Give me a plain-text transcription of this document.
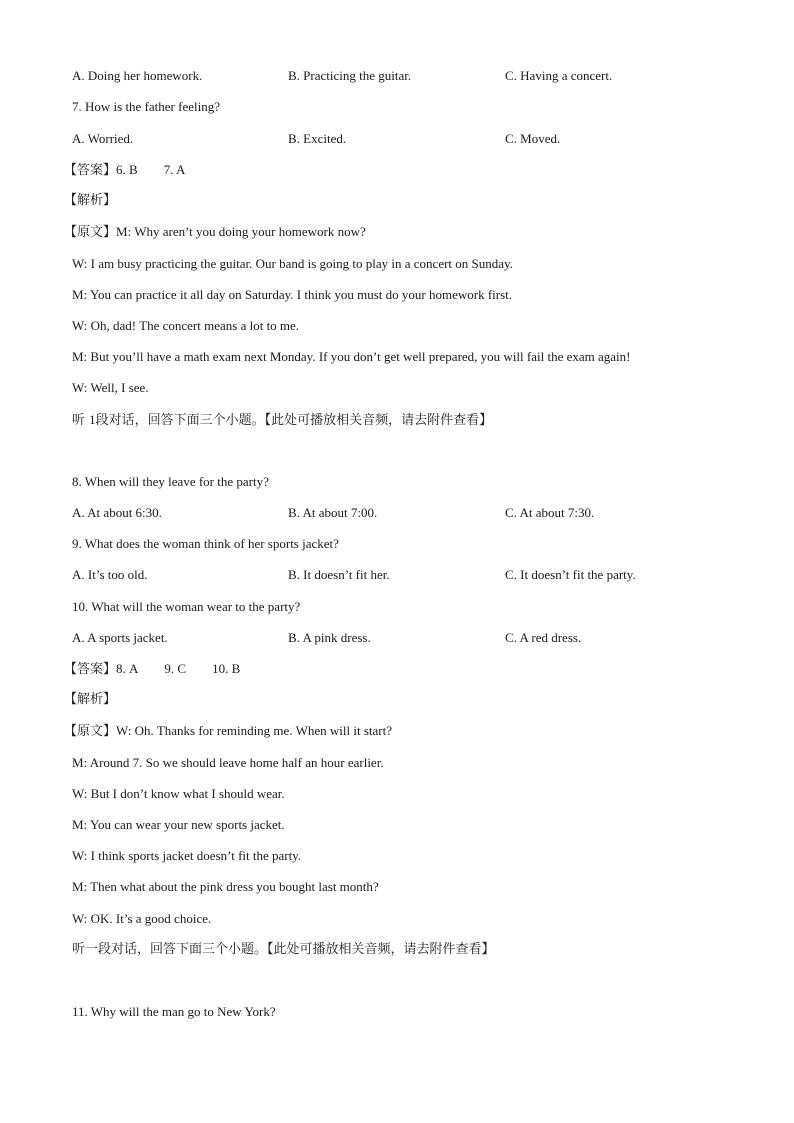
A. Doing her homework.	B. Practicing the guitar.	C. Having a concert.
7. How is the father feeling?
A. Worried.	B. Excited.	C. Moved.
【答案】6. B 7. A
【解析】
【原文】M: Why aren’t you doing your homework now?
W: I am busy practicing the guitar. Our band is going to play in a concert on Sunday.
M: You can practice it all day on Saturday. I think you must do your homework first.
W: Oh, dad! The concert means a lot to me.
M: But you’ll have a math exam next Monday. If you don’t get well prepared, you will fail the exam again!
W: Well, I see.
听 1段对话，回答下面三个小题。【此处可播放相关音频，请去附件查看】
8. When will they leave for the party?
A. At about 6:30.	B. At about 7:00.	C. At about 7:30.
9. What does the woman think of her sports jacket?
A. It’s too old.	B. It doesn’t fit her.	C. It doesn’t fit the party.
10. What will the woman wear to the party?
A. A sports jacket.	B. A pink dress.	C. A red dress.
【答案】8. A 9. C 10. B
【解析】
【原文】W: Oh. Thanks for reminding me. When will it start?
M: Around 7. So we should leave home half an hour earlier.
W: But I don’t know what I should wear.
M: You can wear your new sports jacket.
W: I think sports jacket doesn’t fit the party.
M: Then what about the pink dress you bought last month?
W: OK. It’s a good choice.
听一段对话，回答下面三个小题。【此处可播放相关音频，请去附件查看】
11. Why will the man go to New York?
